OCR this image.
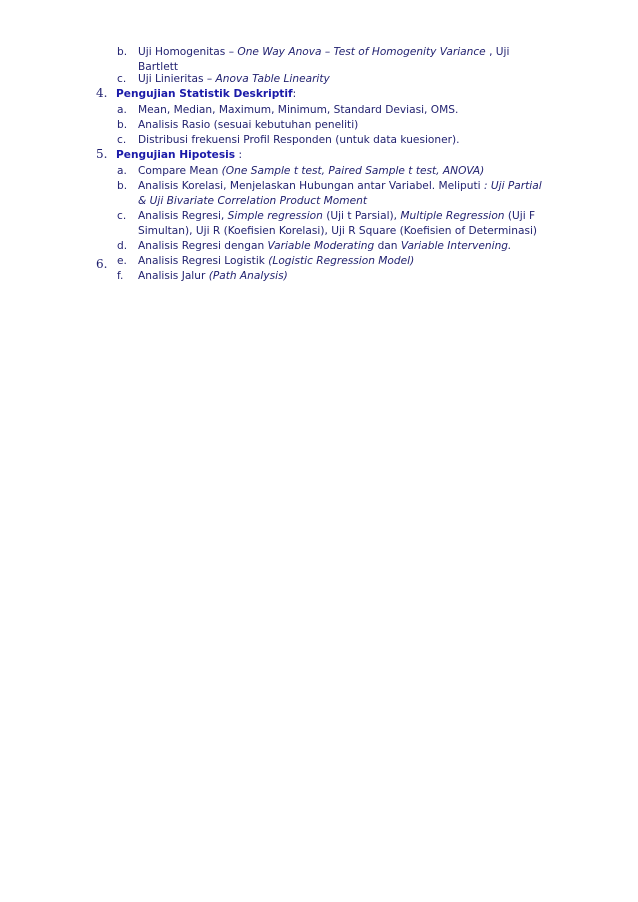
b. Uji Homogenitas – One Way Anova – Test of Homogenity Variance , Uji
Bartlett
c. Uji Linieritas – Anova Table Linearity
4. Pengujian Statistik Deskriptif:
a. Mean, Median, Maximum, Minimum, Standard Deviasi, OMS.
b. Analisis Rasio (sesuai kebutuhan peneliti)
c. Distribusi frekuensi Profil Responden (untuk data kuesioner).
5. Pengujian Hipotesis :
a. Compare Mean (One Sample t test, Paired Sample t test, ANOVA)
b. Analisis Korelasi, Menjelaskan Hubungan antar Variabel. Meliputi : Uji Partial
& Uji Bivariate Correlation Product Moment
c. Analisis Regresi, Simple regression (Uji t Parsial), Multiple Regression (Uji F
Simultan), Uji R (Koefisien Korelasi), Uji R Square (Koefisien of Determinasi)
d. Analisis Regresi dengan Variable Moderating dan Variable Intervening.
e. Analisis Regresi Logistik (Logistic Regression Model)
f. Analisis Jalur (Path Analysis)
6.
